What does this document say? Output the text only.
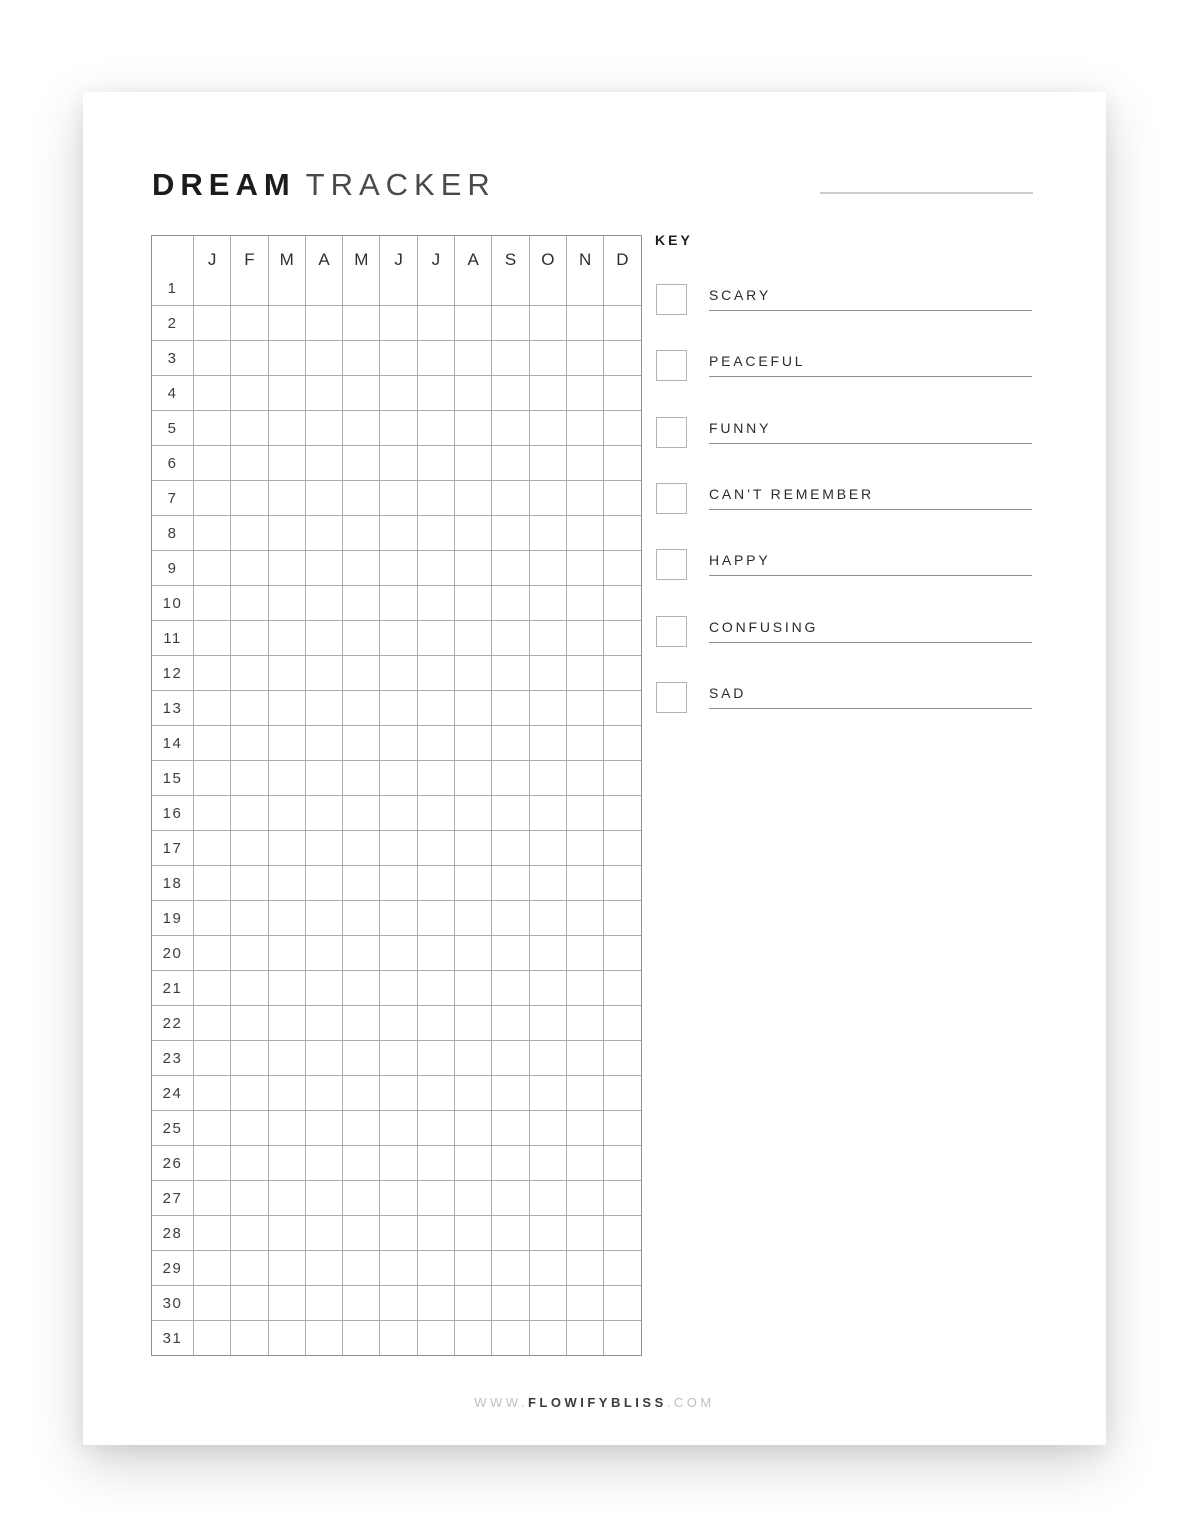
DREAM TRACKER
J	F	M	A	M	J	J	A	S	O	N	D
1
2
3
4
5
6
7
8
9
10
11
12
13
14
15
16
17
18
19
20
21
22
23
24
25
26
27
28
29
30
31
KEY
SCARY
PEACEFUL
FUNNY
CAN’T REMEMBER
HAPPY
CONFUSING
SAD
WWW.FLOWIFYBLISS.COM
